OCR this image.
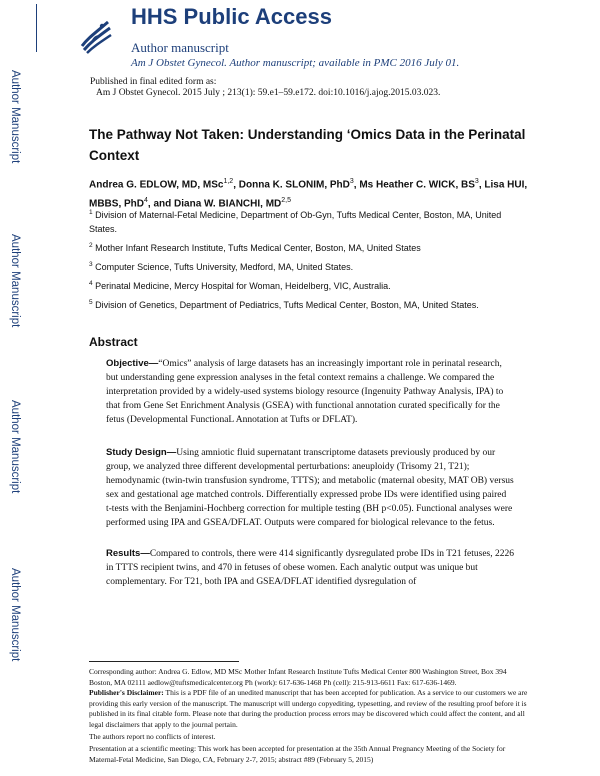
Author Manuscript
Author Manuscript
Author Manuscript
Author Manuscript
HHS Public Access
Author manuscript
Am J Obstet Gynecol. Author manuscript; available in PMC 2016 July 01.
Published in final edited form as:
Am J Obstet Gynecol. 2015 July ; 213(1): 59.e1–59.e172. doi:10.1016/j.ajog.2015.03.023.
The Pathway Not Taken: Understanding ‘Omics Data in the Perinatal Context
Andrea G. EDLOW, MD, MSc$^{1,2}$, Donna K. SLONIM, PhD$^3$, Ms Heather C. WICK, $BS^3$, Lisa HUI, MBBS, PhD$^4$, and Diana W. BIANCHI, MD$^{2,5}$
$^1$ Division of Maternal-Fetal Medicine, Department of Ob-Gyn, Tufts Medical Center, Boston, MA, United States.
$^2$ Mother Infant Research Institute, Tufts Medical Center, Boston, MA, United States
$^3$ Computer Science, Tufts University, Medford, MA, United States.
$^4$ Perinatal Medicine, Mercy Hospital for Woman, Heidelberg, VIC, Australia.
$^5$ Division of Genetics, Department of Pediatrics, Tufts Medical Center, Boston, MA, United States.
Abstract
Objective—“Omics” analysis of large datasets has an increasingly important role in perinatal research, but understanding gene expression analyses in the fetal context remains a challenge. We compared the interpretation provided by a widely-used systems biology resource (Ingenuity Pathway Analysis, IPA) to that from Gene Set Enrichment Analysis (GSEA) with functional annotation curated specifically for the fetus (Developmental FunctionaL Annotation at Tufts or DFLAT).
Study Design—Using amniotic fluid supernatant transcriptome datasets previously produced by our group, we analyzed three different developmental perturbations: aneuploidy (Trisomy 21, T21); hemodynamic (twin-twin transfusion syndrome, TTTS); and metabolic (maternal obesity, MAT OB) versus sex and gestational age matched controls. Differentially expressed probe IDs were identified using paired t-tests with the Benjamini-Hochberg correction for multiple testing (BH p<0.05). Functional analyses were performed using IPA and GSEA/DFLAT. Outputs were compared for biological relevance to the fetus.
Results—Compared to controls, there were 414 significantly dysregulated probe IDs in T21 fetuses, 2226 in TTTS recipient twins, and 470 in fetuses of obese women. Each analytic output was unique but complementary. For T21, both IPA and GSEA/DFLAT identified dysregulation of
Corresponding author: Andrea G. Edlow, MD MSc Mother Infant Research Institute Tufts Medical Center 800 Washington Street, Box 394 Boston, MA 02111 aedlow@tuftsmedicalcenter.org Ph (work): 617-636-1468 Ph (cell): 215-913-6611 Fax: 617-636-1469.
Publisher's Disclaimer: This is a PDF file of an unedited manuscript that has been accepted for publication. As a service to our customers we are providing this early version of the manuscript. The manuscript will undergo copyediting, typesetting, and review of the resulting proof before it is published in its final citable form. Please note that during the production process errors may be discovered which could affect the content, and all legal disclaimers that apply to the journal pertain.
The authors report no conflicts of interest.
Presentation at a scientific meeting: This work has been accepted for presentation at the 35th Annual Pregnancy Meeting of the Society for Maternal-Fetal Medicine, San Diego, CA, February 2-7, 2015; abstract #89 (February 5, 2015)
